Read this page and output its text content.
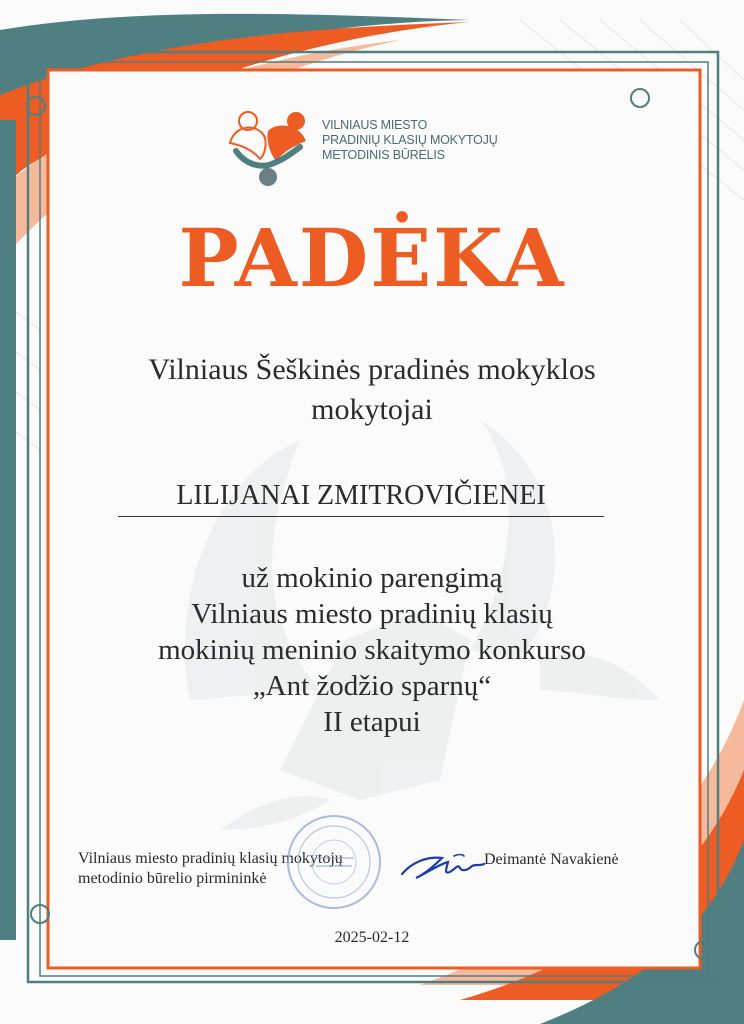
VILNIAUS MIESTO
PRADINIŲ KLASIŲ MOKYTOJŲ
METODINIS BŪRELIS
PADĖKA
Vilniaus Šeškinės pradinės mokyklos
mokytojai
LILIJANAI ZMITROVIČIENEI
už mokinio parengimą
Vilniaus miesto pradinių klasių
mokinių meninio skaitymo konkurso
„Ant žodžio sparnų“
II etapui
Vilniaus miesto pradinių klasių mokytojų
metodinio būrelio pirmininkė
Deimantė Navakienė
2025-02-12
